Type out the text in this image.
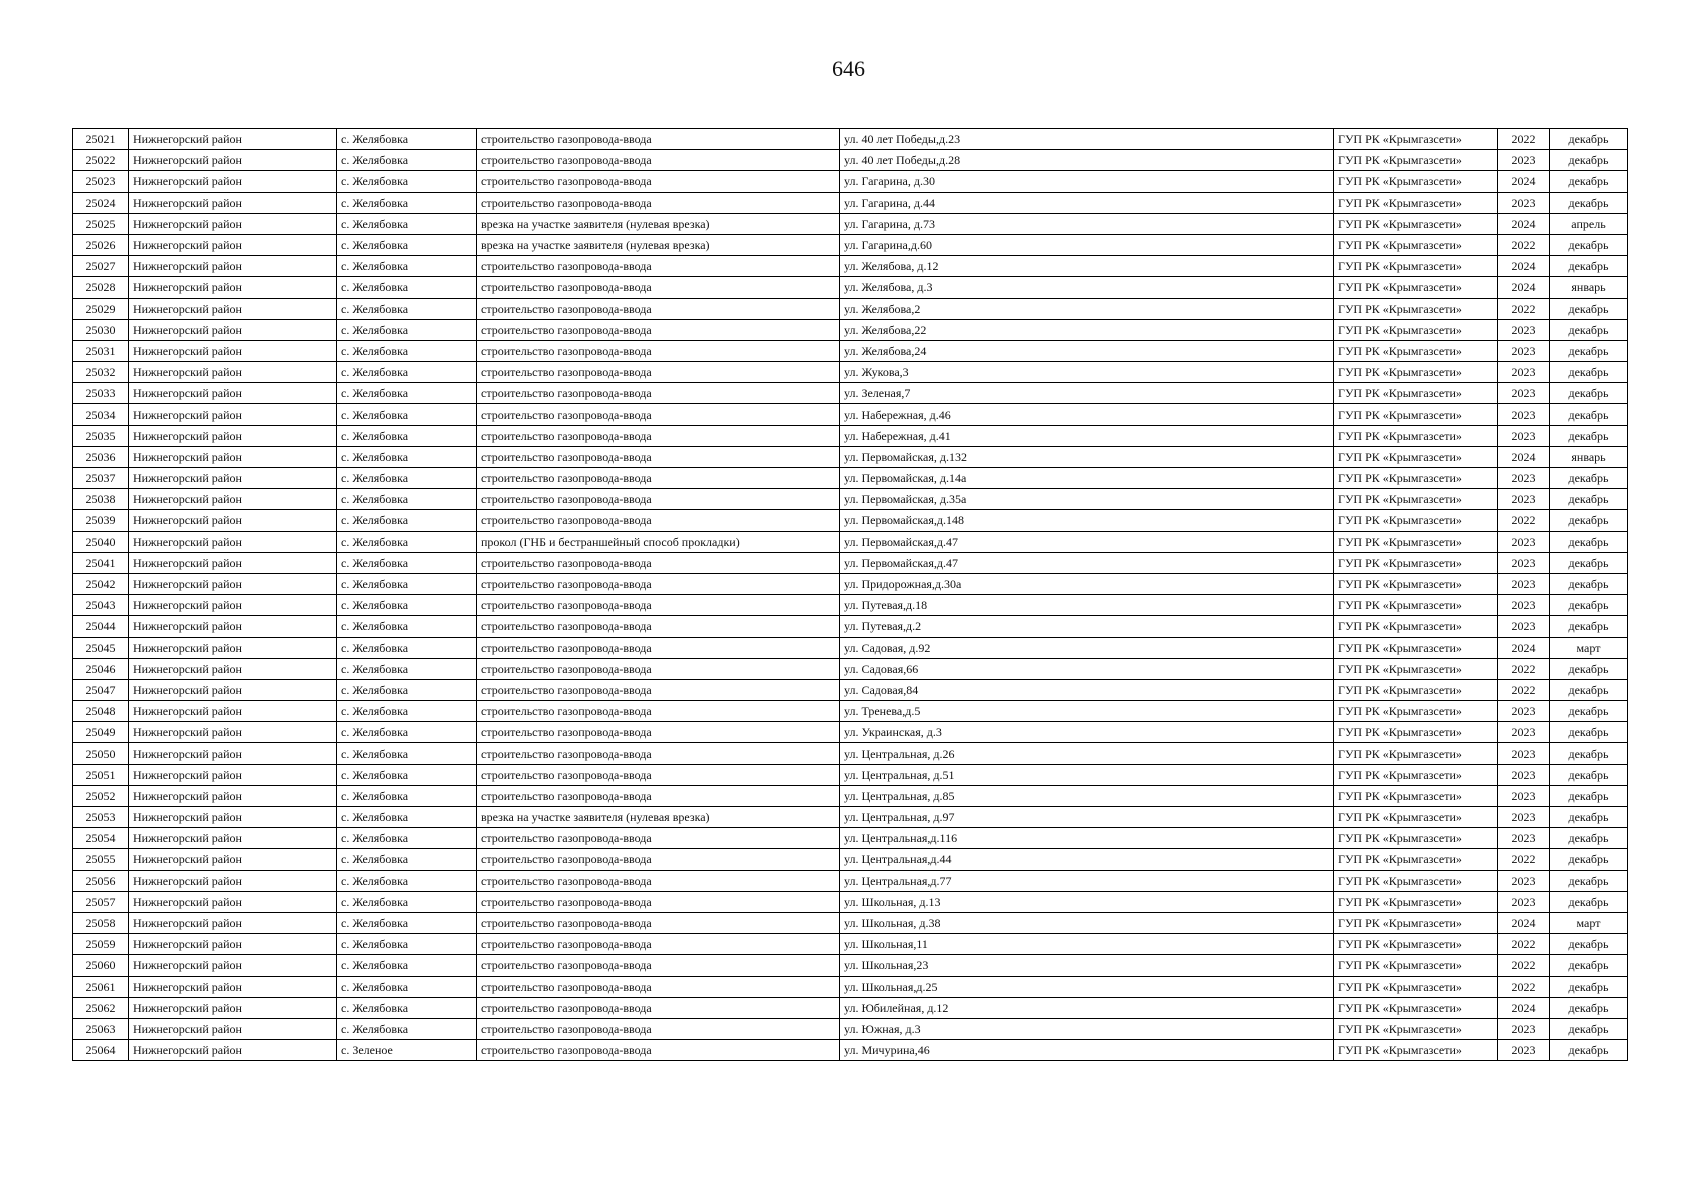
646
25021	Нижнегорский район	с. Желябовка	строительство газопровода-ввода	ул. 40 лет Победы,д.23	ГУП РК «Крымгазсети»	2022	декабрь
25022	Нижнегорский район	с. Желябовка	строительство газопровода-ввода	ул. 40 лет Победы,д.28	ГУП РК «Крымгазсети»	2023	декабрь
25023	Нижнегорский район	с. Желябовка	строительство газопровода-ввода	ул. Гагарина, д.30	ГУП РК «Крымгазсети»	2024	декабрь
25024	Нижнегорский район	с. Желябовка	строительство газопровода-ввода	ул. Гагарина, д.44	ГУП РК «Крымгазсети»	2023	декабрь
25025	Нижнегорский район	с. Желябовка	врезка на участке заявителя (нулевая врезка)	ул. Гагарина, д.73	ГУП РК «Крымгазсети»	2024	апрель
25026	Нижнегорский район	с. Желябовка	врезка на участке заявителя (нулевая врезка)	ул. Гагарина,д.60	ГУП РК «Крымгазсети»	2022	декабрь
25027	Нижнегорский район	с. Желябовка	строительство газопровода-ввода	ул. Желябова, д.12	ГУП РК «Крымгазсети»	2024	декабрь
25028	Нижнегорский район	с. Желябовка	строительство газопровода-ввода	ул. Желябова, д.3	ГУП РК «Крымгазсети»	2024	январь
25029	Нижнегорский район	с. Желябовка	строительство газопровода-ввода	ул. Желябова,2	ГУП РК «Крымгазсети»	2022	декабрь
25030	Нижнегорский район	с. Желябовка	строительство газопровода-ввода	ул. Желябова,22	ГУП РК «Крымгазсети»	2023	декабрь
25031	Нижнегорский район	с. Желябовка	строительство газопровода-ввода	ул. Желябова,24	ГУП РК «Крымгазсети»	2023	декабрь
25032	Нижнегорский район	с. Желябовка	строительство газопровода-ввода	ул. Жукова,3	ГУП РК «Крымгазсети»	2023	декабрь
25033	Нижнегорский район	с. Желябовка	строительство газопровода-ввода	ул. Зеленая,7	ГУП РК «Крымгазсети»	2023	декабрь
25034	Нижнегорский район	с. Желябовка	строительство газопровода-ввода	ул. Набережная, д.46	ГУП РК «Крымгазсети»	2023	декабрь
25035	Нижнегорский район	с. Желябовка	строительство газопровода-ввода	ул. Набережная, д.41	ГУП РК «Крымгазсети»	2023	декабрь
25036	Нижнегорский район	с. Желябовка	строительство газопровода-ввода	ул. Первомайская, д.132	ГУП РК «Крымгазсети»	2024	январь
25037	Нижнегорский район	с. Желябовка	строительство газопровода-ввода	ул. Первомайская, д.14а	ГУП РК «Крымгазсети»	2023	декабрь
25038	Нижнегорский район	с. Желябовка	строительство газопровода-ввода	ул. Первомайская, д.35а	ГУП РК «Крымгазсети»	2023	декабрь
25039	Нижнегорский район	с. Желябовка	строительство газопровода-ввода	ул. Первомайская,д.148	ГУП РК «Крымгазсети»	2022	декабрь
25040	Нижнегорский район	с. Желябовка	прокол (ГНБ и бестраншейный способ прокладки)	ул. Первомайская,д.47	ГУП РК «Крымгазсети»	2023	декабрь
25041	Нижнегорский район	с. Желябовка	строительство газопровода-ввода	ул. Первомайская,д.47	ГУП РК «Крымгазсети»	2023	декабрь
25042	Нижнегорский район	с. Желябовка	строительство газопровода-ввода	ул. Придорожная,д.30а	ГУП РК «Крымгазсети»	2023	декабрь
25043	Нижнегорский район	с. Желябовка	строительство газопровода-ввода	ул. Путевая,д.18	ГУП РК «Крымгазсети»	2023	декабрь
25044	Нижнегорский район	с. Желябовка	строительство газопровода-ввода	ул. Путевая,д.2	ГУП РК «Крымгазсети»	2023	декабрь
25045	Нижнегорский район	с. Желябовка	строительство газопровода-ввода	ул. Садовая, д.92	ГУП РК «Крымгазсети»	2024	март
25046	Нижнегорский район	с. Желябовка	строительство газопровода-ввода	ул. Садовая,66	ГУП РК «Крымгазсети»	2022	декабрь
25047	Нижнегорский район	с. Желябовка	строительство газопровода-ввода	ул. Садовая,84	ГУП РК «Крымгазсети»	2022	декабрь
25048	Нижнегорский район	с. Желябовка	строительство газопровода-ввода	ул. Тренева,д.5	ГУП РК «Крымгазсети»	2023	декабрь
25049	Нижнегорский район	с. Желябовка	строительство газопровода-ввода	ул. Украинская, д.3	ГУП РК «Крымгазсети»	2023	декабрь
25050	Нижнегорский район	с. Желябовка	строительство газопровода-ввода	ул. Центральная, д.26	ГУП РК «Крымгазсети»	2023	декабрь
25051	Нижнегорский район	с. Желябовка	строительство газопровода-ввода	ул. Центральная, д.51	ГУП РК «Крымгазсети»	2023	декабрь
25052	Нижнегорский район	с. Желябовка	строительство газопровода-ввода	ул. Центральная, д.85	ГУП РК «Крымгазсети»	2023	декабрь
25053	Нижнегорский район	с. Желябовка	врезка на участке заявителя (нулевая врезка)	ул. Центральная, д.97	ГУП РК «Крымгазсети»	2023	декабрь
25054	Нижнегорский район	с. Желябовка	строительство газопровода-ввода	ул. Центральная,д.116	ГУП РК «Крымгазсети»	2023	декабрь
25055	Нижнегорский район	с. Желябовка	строительство газопровода-ввода	ул. Центральная,д.44	ГУП РК «Крымгазсети»	2022	декабрь
25056	Нижнегорский район	с. Желябовка	строительство газопровода-ввода	ул. Центральная,д.77	ГУП РК «Крымгазсети»	2023	декабрь
25057	Нижнегорский район	с. Желябовка	строительство газопровода-ввода	ул. Школьная, д.13	ГУП РК «Крымгазсети»	2023	декабрь
25058	Нижнегорский район	с. Желябовка	строительство газопровода-ввода	ул. Школьная, д.38	ГУП РК «Крымгазсети»	2024	март
25059	Нижнегорский район	с. Желябовка	строительство газопровода-ввода	ул. Школьная,11	ГУП РК «Крымгазсети»	2022	декабрь
25060	Нижнегорский район	с. Желябовка	строительство газопровода-ввода	ул. Школьная,23	ГУП РК «Крымгазсети»	2022	декабрь
25061	Нижнегорский район	с. Желябовка	строительство газопровода-ввода	ул. Школьная,д.25	ГУП РК «Крымгазсети»	2022	декабрь
25062	Нижнегорский район	с. Желябовка	строительство газопровода-ввода	ул. Юбилейная, д.12	ГУП РК «Крымгазсети»	2024	декабрь
25063	Нижнегорский район	с. Желябовка	строительство газопровода-ввода	ул. Южная, д.3	ГУП РК «Крымгазсети»	2023	декабрь
25064	Нижнегорский район	с. Зеленое	строительство газопровода-ввода	ул. Мичурина,46	ГУП РК «Крымгазсети»	2023	декабрь
